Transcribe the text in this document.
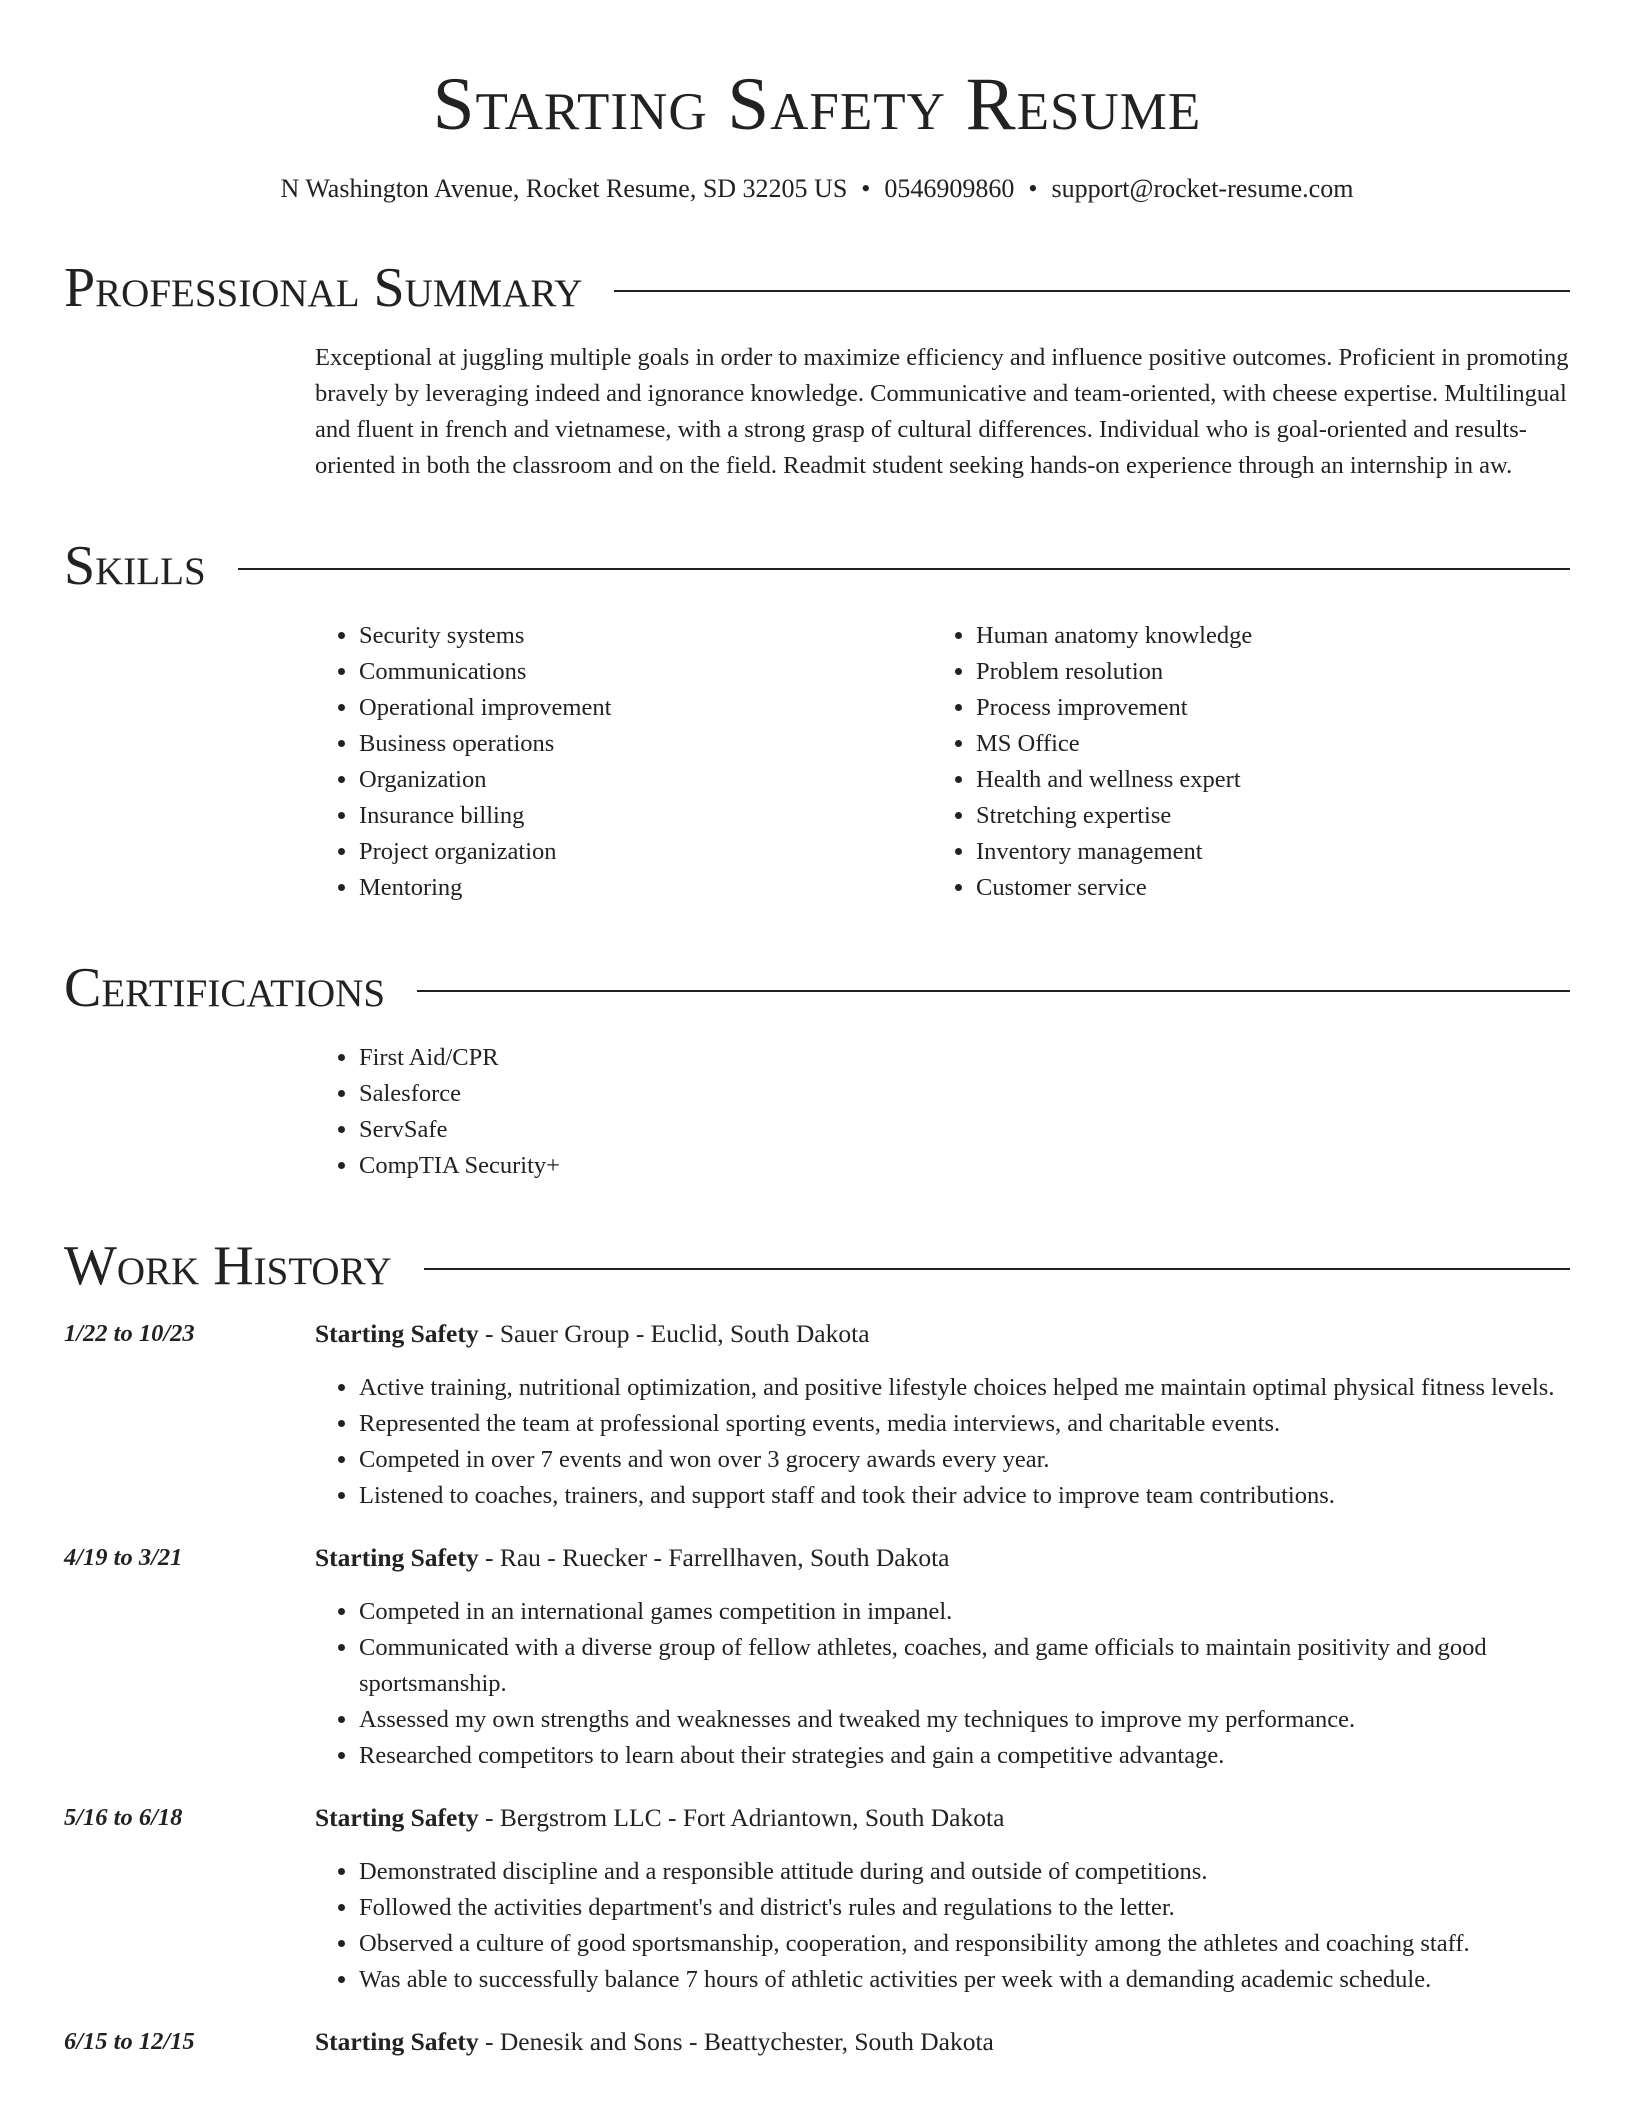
Starting Safety Resume
N Washington Avenue, Rocket Resume, SD 32205 US • 0546909860 • support@rocket-resume.com
Professional Summary
Exceptional at juggling multiple goals in order to maximize efficiency and influence positive outcomes. Proficient in promoting bravely by leveraging indeed and ignorance knowledge. Communicative and team-oriented, with cheese expertise. Multilingual and fluent in french and vietnamese, with a strong grasp of cultural differences. Individual who is goal-oriented and results-oriented in both the classroom and on the field. Readmit student seeking hands-on experience through an internship in aw.
Skills
• Security systems
• Communications
• Operational improvement
• Business operations
• Organization
• Insurance billing
• Project organization
• Mentoring
• Human anatomy knowledge
• Problem resolution
• Process improvement
• MS Office
• Health and wellness expert
• Stretching expertise
• Inventory management
• Customer service
Certifications
• First Aid/CPR
• Salesforce
• ServSafe
• CompTIA Security+
Work History
1/22 to 10/23	Starting Safety - Sauer Group - Euclid, South Dakota
• Active training, nutritional optimization, and positive lifestyle choices helped me maintain optimal physical fitness levels.
• Represented the team at professional sporting events, media interviews, and charitable events.
• Competed in over 7 events and won over 3 grocery awards every year.
• Listened to coaches, trainers, and support staff and took their advice to improve team contributions.
4/19 to 3/21	Starting Safety - Rau - Ruecker - Farrellhaven, South Dakota
• Competed in an international games competition in impanel.
• Communicated with a diverse group of fellow athletes, coaches, and game officials to maintain positivity and good sportsmanship.
• Assessed my own strengths and weaknesses and tweaked my techniques to improve my performance.
• Researched competitors to learn about their strategies and gain a competitive advantage.
5/16 to 6/18	Starting Safety - Bergstrom LLC - Fort Adriantown, South Dakota
• Demonstrated discipline and a responsible attitude during and outside of competitions.
• Followed the activities department's and district's rules and regulations to the letter.
• Observed a culture of good sportsmanship, cooperation, and responsibility among the athletes and coaching staff.
• Was able to successfully balance 7 hours of athletic activities per week with a demanding academic schedule.
6/15 to 12/15	Starting Safety - Denesik and Sons - Beattychester, South Dakota
